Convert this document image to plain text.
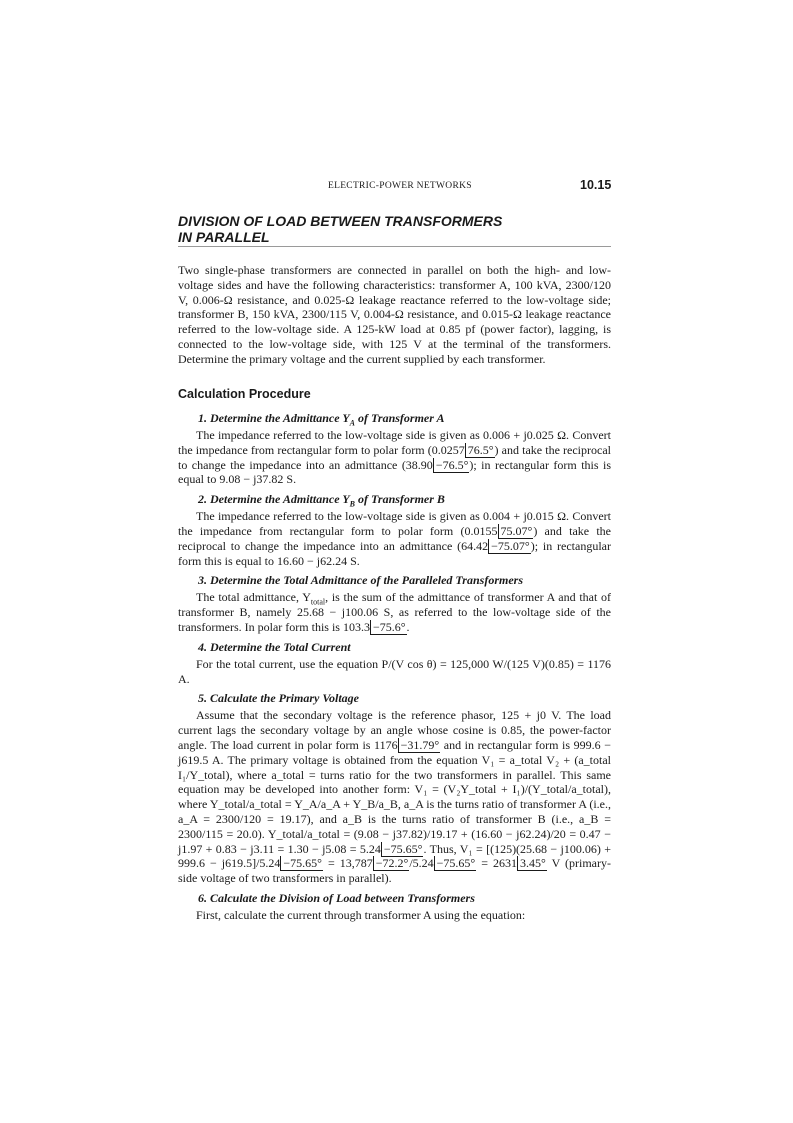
ELECTRIC-POWER NETWORKS	10.15
DIVISION OF LOAD BETWEEN TRANSFORMERS
IN PARALLEL

Two single-phase transformers are connected in parallel on both the high- and low-voltage sides and have the following characteristics: transformer A, 100 kVA, 2300/120 V, 0.006-Ω resistance, and 0.025-Ω leakage reactance referred to the low-voltage side; transformer B, 150 kVA, 2300/115 V, 0.004-Ω resistance, and 0.015-Ω leakage reactance referred to the low-voltage side. A 125-kW load at 0.85 pf (power factor), lagging, is connected to the low-voltage side, with 125 V at the terminal of the transformers. Determine the primary voltage and the current supplied by each transformer.

Calculation Procedure

1. Determine the Admittance $Y_A$ of Transformer A

The impedance referred to the low-voltage side is given as 0.006 + j0.025 Ω. Convert the impedance from rectangular form to polar form (0.0257 76.5°) and take the reciprocal to change the impedance into an admittance (38.90 −76.5°); in rectangular form this is equal to 9.08 − j37.82 S.

2. Determine the Admittance $Y_B$ of Transformer B

The impedance referred to the low-voltage side is given as 0.004 + j0.015 Ω. Convert the impedance from rectangular form to polar form (0.0155 75.07°) and take the reciprocal to change the impedance into an admittance (64.42 −75.07°); in rectangular form this is equal to 16.60 − j62.24 S.

3. Determine the Total Admittance of the Paralleled Transformers

The total admittance, $Y_{total}$, is the sum of the admittance of transformer A and that of transformer B, namely 25.68 − j100.06 S, as referred to the low-voltage side of the transformers. In polar form this is 103.3 −75.6°.

4. Determine the Total Current

For the total current, use the equation P/(V cos θ) = 125,000 W/(125 V)(0.85) = 1176 A.

5. Calculate the Primary Voltage

Assume that the secondary voltage is the reference phasor, 125 + j0 V. The load current lags the secondary voltage by an angle whose cosine is 0.85, the power-factor angle. The load current in polar form is 1176 −31.79° and in rectangular form is 999.6 − j619.5 A. The primary voltage is obtained from the equation V₁ = a_total V₂ + (a_total I₁/Y_total), where a_total = turns ratio for the two transformers in parallel. This same equation may be developed into another form: V₁ = (V₂Y_total + I₁)/(Y_total/a_total), where Y_total/a_total = Y_A/a_A + Y_B/a_B, a_A is the turns ratio of transformer A (i.e., a_A = 2300/120 = 19.17), and a_B is the turns ratio of transformer B (i.e., a_B = 2300/115 = 20.0). Y_total/a_total = (9.08 − j37.82)/19.17 + (16.60 − j62.24)/20 = 0.47 − j1.97 + 0.83 − j3.11 = 1.30 − j5.08 = 5.24 −75.65°. Thus, V₁ = [(125)(25.68 − j100.06) + 999.6 − j619.5]/5.24 −75.65° = 13,787 −72.2°/5.24 −75.65° = 2631 3.45° V (primary-side voltage of two transformers in parallel).

6. Calculate the Division of Load between Transformers

First, calculate the current through transformer A using the equation:
